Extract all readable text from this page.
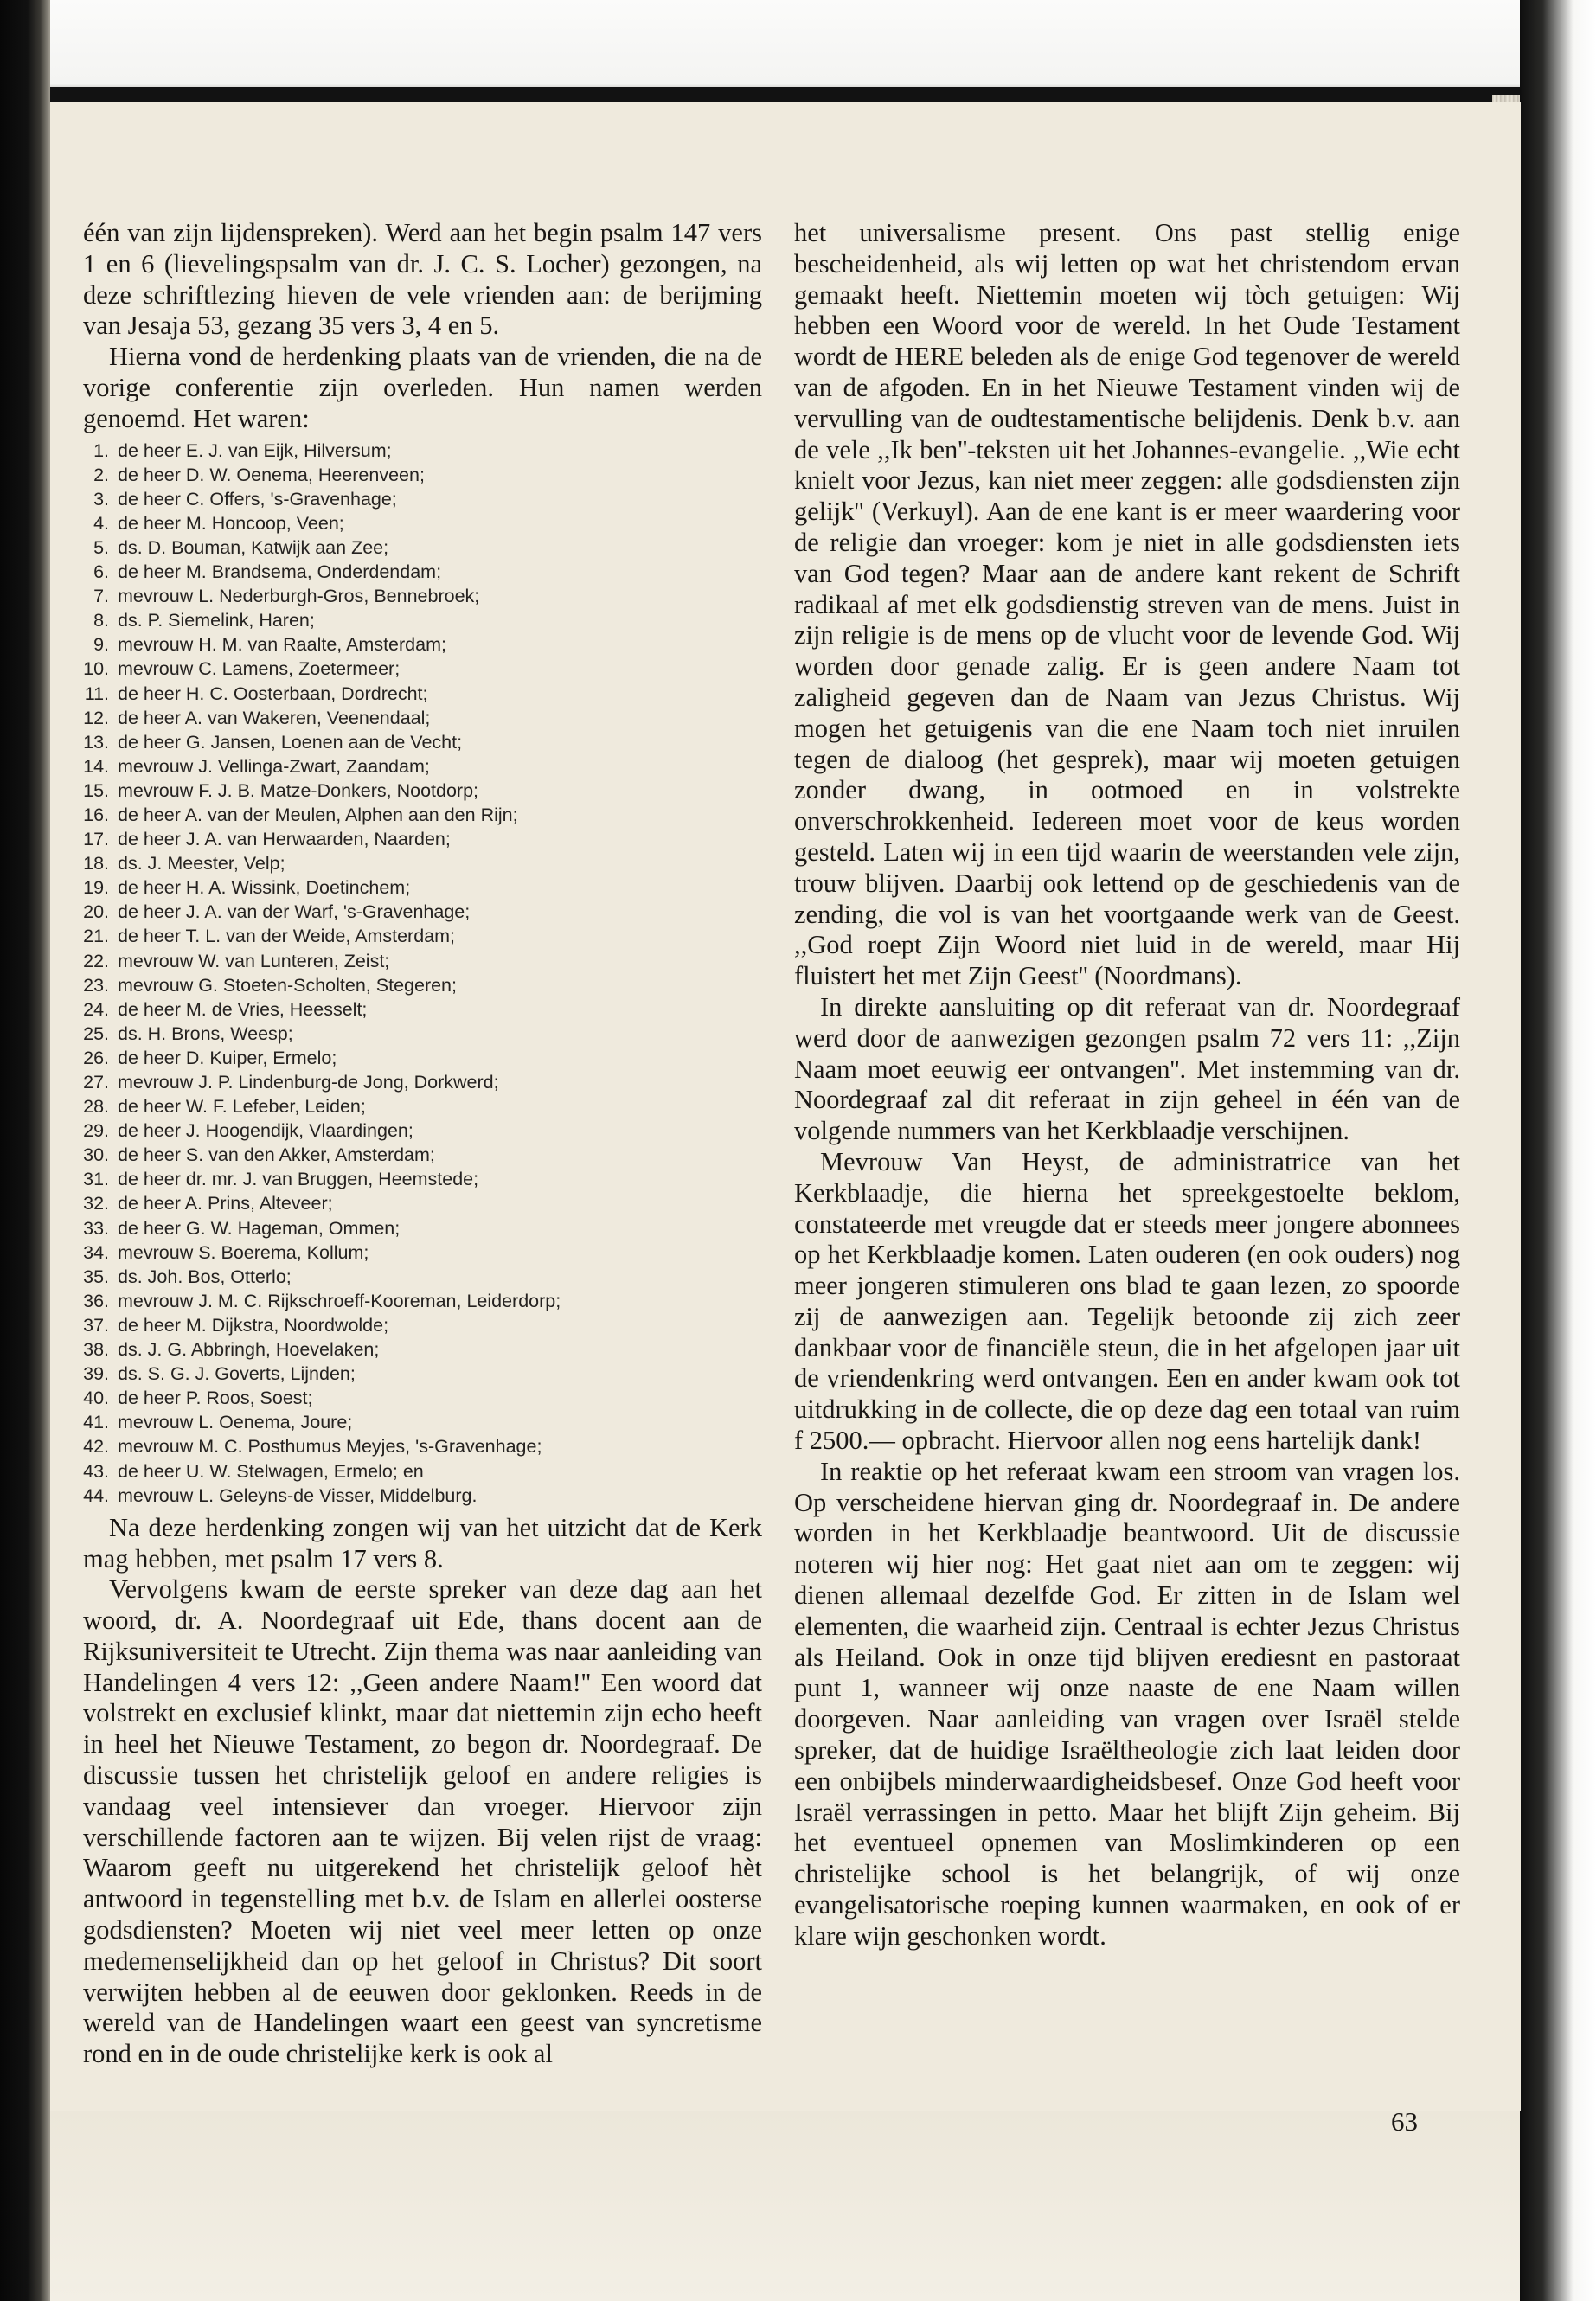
één van zijn lijdenspreken). Werd aan het begin psalm 147 vers 1 en 6 (lievelingspsalm van dr. J. C. S. Locher) gezongen, na deze schriftlezing hieven de vele vrienden aan: de berijming van Jesaja 53, gezang 35 vers 3, 4 en 5.

Hierna vond de herdenking plaats van de vrienden, die na de vorige conferentie zijn overleden. Hun namen werden genoemd. Het waren:

1. de heer E. J. van Eijk, Hilversum;
2. de heer D. W. Oenema, Heerenveen;
3. de heer C. Offers, 's-Gravenhage;
4. de heer M. Honcoop, Veen;
5. ds. D. Bouman, Katwijk aan Zee;
6. de heer M. Brandsema, Onderdendam;
7. mevrouw L. Nederburgh-Gros, Bennebroek;
8. ds. P. Siemelink, Haren;
9. mevrouw H. M. van Raalte, Amsterdam;
10. mevrouw C. Lamens, Zoetermeer;
11. de heer H. C. Oosterbaan, Dordrecht;
12. de heer A. van Wakeren, Veenendaal;
13. de heer G. Jansen, Loenen aan de Vecht;
14. mevrouw J. Vellinga-Zwart, Zaandam;
15. mevrouw F. J. B. Matze-Donkers, Nootdorp;
16. de heer A. van der Meulen, Alphen aan den Rijn;
17. de heer J. A. van Herwaarden, Naarden;
18. ds. J. Meester, Velp;
19. de heer H. A. Wissink, Doetinchem;
20. de heer J. A. van der Warf, 's-Gravenhage;
21. de heer T. L. van der Weide, Amsterdam;
22. mevrouw W. van Lunteren, Zeist;
23. mevrouw G. Stoeten-Scholten, Stegeren;
24. de heer M. de Vries, Heesselt;
25. ds. H. Brons, Weesp;
26. de heer D. Kuiper, Ermelo;
27. mevrouw J. P. Lindenburg-de Jong, Dorkwerd;
28. de heer W. F. Lefeber, Leiden;
29. de heer J. Hoogendijk, Vlaardingen;
30. de heer S. van den Akker, Amsterdam;
31. de heer dr. mr. J. van Bruggen, Heemstede;
32. de heer A. Prins, Alteveer;
33. de heer G. W. Hageman, Ommen;
34. mevrouw S. Boerema, Kollum;
35. ds. Joh. Bos, Otterlo;
36. mevrouw J. M. C. Rijkschroeff-Kooreman, Leiderdorp;
37. de heer M. Dijkstra, Noordwolde;
38. ds. J. G. Abbringh, Hoevelaken;
39. ds. S. G. J. Goverts, Lijnden;
40. de heer P. Roos, Soest;
41. mevrouw L. Oenema, Joure;
42. mevrouw M. C. Posthumus Meyjes, 's-Gravenhage;
43. de heer U. W. Stelwagen, Ermelo; en
44. mevrouw L. Geleyns-de Visser, Middelburg.

Na deze herdenking zongen wij van het uitzicht dat de Kerk mag hebben, met psalm 17 vers 8.

Vervolgens kwam de eerste spreker van deze dag aan het woord, dr. A. Noordegraaf uit Ede, thans docent aan de Rijksuniversiteit te Utrecht. Zijn thema was naar aanleiding van Handelingen 4 vers 12: ,,Geen andere Naam!'' Een woord dat volstrekt en exclusief klinkt, maar dat niettemin zijn echo heeft in heel het Nieuwe Testament, zo begon dr. Noordegraaf. De discussie tussen het christelijk geloof en andere religies is vandaag veel intensiever dan vroeger. Hiervoor zijn verschillende factoren aan te wijzen. Bij velen rijst de vraag: Waarom geeft nu uitgerekend het christelijk geloof hèt antwoord in tegenstelling met b.v. de Islam en allerlei oosterse godsdiensten? Moeten wij niet veel meer letten op onze medemenselijkheid dan op het geloof in Christus? Dit soort verwijten hebben al de eeuwen door geklonken. Reeds in de wereld van de Handelingen waart een geest van syncretisme rond en in de oude christelijke kerk is ook al

het universalisme present. Ons past stellig enige bescheidenheid, als wij letten op wat het christendom ervan gemaakt heeft. Niettemin moeten wij tòch getuigen: Wij hebben een Woord voor de wereld. In het Oude Testament wordt de HERE beleden als de enige God tegenover de wereld van de afgoden. En in het Nieuwe Testament vinden wij de vervulling van de oudtestamentische belijdenis. Denk b.v. aan de vele ,,Ik ben''-teksten uit het Johannes-evangelie. ,,Wie echt knielt voor Jezus, kan niet meer zeggen: alle godsdiensten zijn gelijk'' (Verkuyl). Aan de ene kant is er meer waardering voor de religie dan vroeger: kom je niet in alle godsdiensten iets van God tegen? Maar aan de andere kant rekent de Schrift radikaal af met elk godsdienstig streven van de mens. Juist in zijn religie is de mens op de vlucht voor de levende God. Wij worden door genade zalig. Er is geen andere Naam tot zaligheid gegeven dan de Naam van Jezus Christus. Wij mogen het getuigenis van die ene Naam toch niet inruilen tegen de dialoog (het gesprek), maar wij moeten getuigen zonder dwang, in ootmoed en in volstrekte onverschrokkenheid. Iedereen moet voor de keus worden gesteld. Laten wij in een tijd waarin de weerstanden vele zijn, trouw blijven. Daarbij ook lettend op de geschiedenis van de zending, die vol is van het voortgaande werk van de Geest. ,,God roept Zijn Woord niet luid in de wereld, maar Hij fluistert het met Zijn Geest'' (Noordmans).

In direkte aansluiting op dit referaat van dr. Noordegraaf werd door de aanwezigen gezongen psalm 72 vers 11: ,,Zijn Naam moet eeuwig eer ontvangen''. Met instemming van dr. Noordegraaf zal dit referaat in zijn geheel in één van de volgende nummers van het Kerkblaadje verschijnen.

Mevrouw Van Heyst, de administratrice van het Kerkblaadje, die hierna het spreekgestoelte beklom, constateerde met vreugde dat er steeds meer jongere abonnees op het Kerkblaadje komen. Laten ouderen (en ook ouders) nog meer jongeren stimuleren ons blad te gaan lezen, zo spoorde zij de aanwezigen aan. Tegelijk betoonde zij zich zeer dankbaar voor de financiële steun, die in het afgelopen jaar uit de vriendenkring werd ontvangen. Een en ander kwam ook tot uitdrukking in de collecte, die op deze dag een totaal van ruim f 2500.— opbracht. Hiervoor allen nog eens hartelijk dank!

In reaktie op het referaat kwam een stroom van vragen los. Op verscheidene hiervan ging dr. Noordegraaf in. De andere worden in het Kerkblaadje beantwoord. Uit de discussie noteren wij hier nog: Het gaat niet aan om te zeggen: wij dienen allemaal dezelfde God. Er zitten in de Islam wel elementen, die waarheid zijn. Centraal is echter Jezus Christus als Heiland. Ook in onze tijd blijven erediesnt en pastoraat punt 1, wanneer wij onze naaste de ene Naam willen doorgeven. Naar aanleiding van vragen over Israël stelde spreker, dat de huidige Israëltheologie zich laat leiden door een onbijbels minderwaardigheidsbesef. Onze God heeft voor Israël verrassingen in petto. Maar het blijft Zijn geheim. Bij het eventueel opnemen van Moslimkinderen op een christelijke school is het belangrijk, of wij onze evangelisatorische roeping kunnen waarmaken, en ook of er klare wijn geschonken wordt.

63
